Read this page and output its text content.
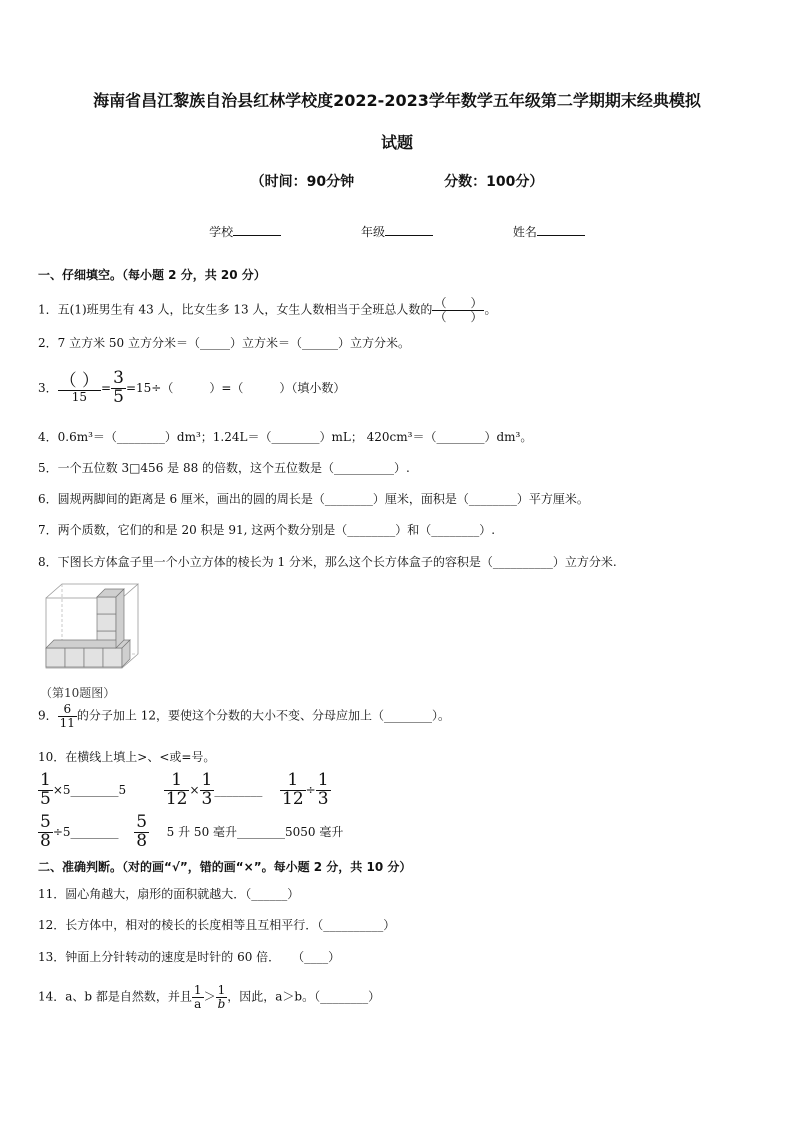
海南省昌江黎族自治县红林学校度2022-2023学年数学五年级第二学期期末经典模拟
试题
（时间：90分钟	分数：100分）
学校	年级	姓名
一、仔细填空。（每小题 2 分，共 20 分）
1．五(1)班男生有 43 人，比女生多 13 人，女生人数相当于全班总人数的 $\frac{( )}{( )}$ 。
2．7 立方米 50 立方分米＝（_____）立方米＝（______）立方分米。
3． $\frac{( )}{15} = \frac{3}{5} =15\div$（　　　）=（　　　）（填小数）
4．0.6m³＝（________）dm³；1.24L＝（________）mL； 420cm³＝（________）dm³。
5．一个五位数 3□456 是 88 的倍数，这个五位数是（__________）.
6．圆规两脚间的距离是 6 厘米，画出的圆的周长是（________）厘米，面积是（________）平方厘米。
7．两个质数，它们的和是 20 积是 91, 这两个数分别是（________）和（________）.
8．下图长方体盒子里一个小立方体的棱长为 1 分米，那么这个长方体盒子的容积是（__________）立方分米.
（第10题图）
9． $\frac{6}{11}$ 的分子加上 12，要使这个分数的大小不变、分母应加上（________）。
10．在横线上填上>、<或=号。
$\frac{1}{5}$ ×5________5 $\frac{1}{12} \times \frac{1}{3}$ ________ $\frac{1}{12} \div \frac{1}{3}$
$\frac{5}{8}$ ÷5________ $\frac{5}{8} 5$ 升 50 毫升________5050 毫升
二、准确判断。（对的画“√”，错的画“×”。每小题 2 分，共 10 分）
11．圆心角越大，扇形的面积就越大．（______）
12．长方体中，相对的棱长的长度相等且互相平行．（__________）
13．钟面上分针转动的速度是时针的 60 倍．　　（____）
14．a、b 都是自然数，并且 $\frac{1}{a} > \frac{1}{b}$ ，因此，a＞b。（________）
